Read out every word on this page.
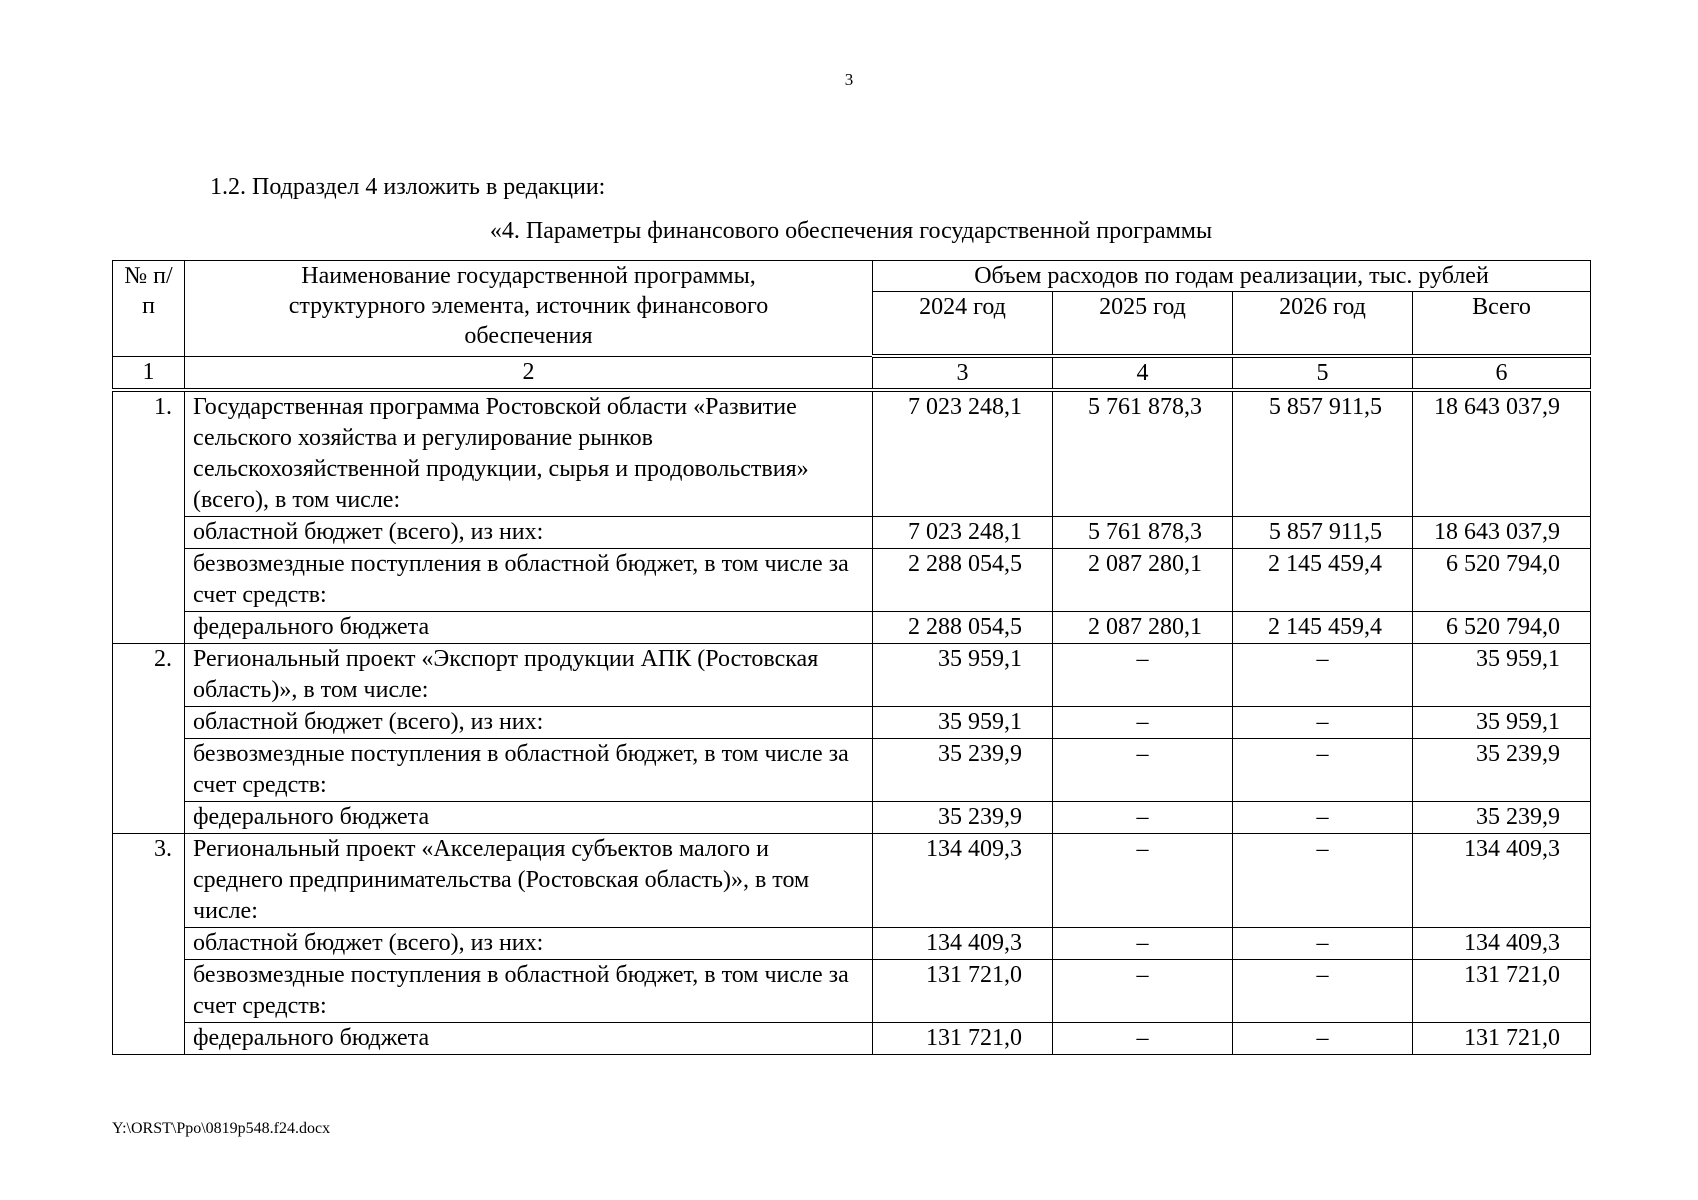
3
1.2. Подраздел 4 изложить в редакции:
«4. Параметры финансового обеспечения государственной программы
№ п/п	Наименование государственной программы, структурного элемента, источник финансового обеспечения	Объем расходов по годам реализации, тыс. рублей			
		2024 год	2025 год	2026 год	Всего
1	2	3	4	5	6
1.	Государственная программа Ростовской области «Развитие сельского хозяйства и регулирование рынков сельскохозяйственной продукции, сырья и продовольствия» (всего), в том числе:	7 023 248,1	5 761 878,3	5 857 911,5	18 643 037,9
	областной бюджет (всего), из них:	7 023 248,1	5 761 878,3	5 857 911,5	18 643 037,9
	безвозмездные поступления в областной бюджет, в том числе за счет средств:	2 288 054,5	2 087 280,1	2 145 459,4	6 520 794,0
	федерального бюджета	2 288 054,5	2 087 280,1	2 145 459,4	6 520 794,0
2.	Региональный проект «Экспорт продукции АПК (Ростовская область)», в том числе:	35 959,1	–	–	35 959,1
	областной бюджет (всего), из них:	35 959,1	–	–	35 959,1
	безвозмездные поступления в областной бюджет, в том числе за счет средств:	35 239,9	–	–	35 239,9
	федерального бюджета	35 239,9	–	–	35 239,9
3.	Региональный проект «Акселерация субъектов малого и среднего предпринимательства (Ростовская область)», в том числе:	134 409,3	–	–	134 409,3
	областной бюджет (всего), из них:	134 409,3	–	–	134 409,3
	безвозмездные поступления в областной бюджет, в том числе за счет средств:	131 721,0	–	–	131 721,0
	федерального бюджета	131 721,0	–	–	131 721,0
Y:\ORST\Ppo\0819p548.f24.docx
